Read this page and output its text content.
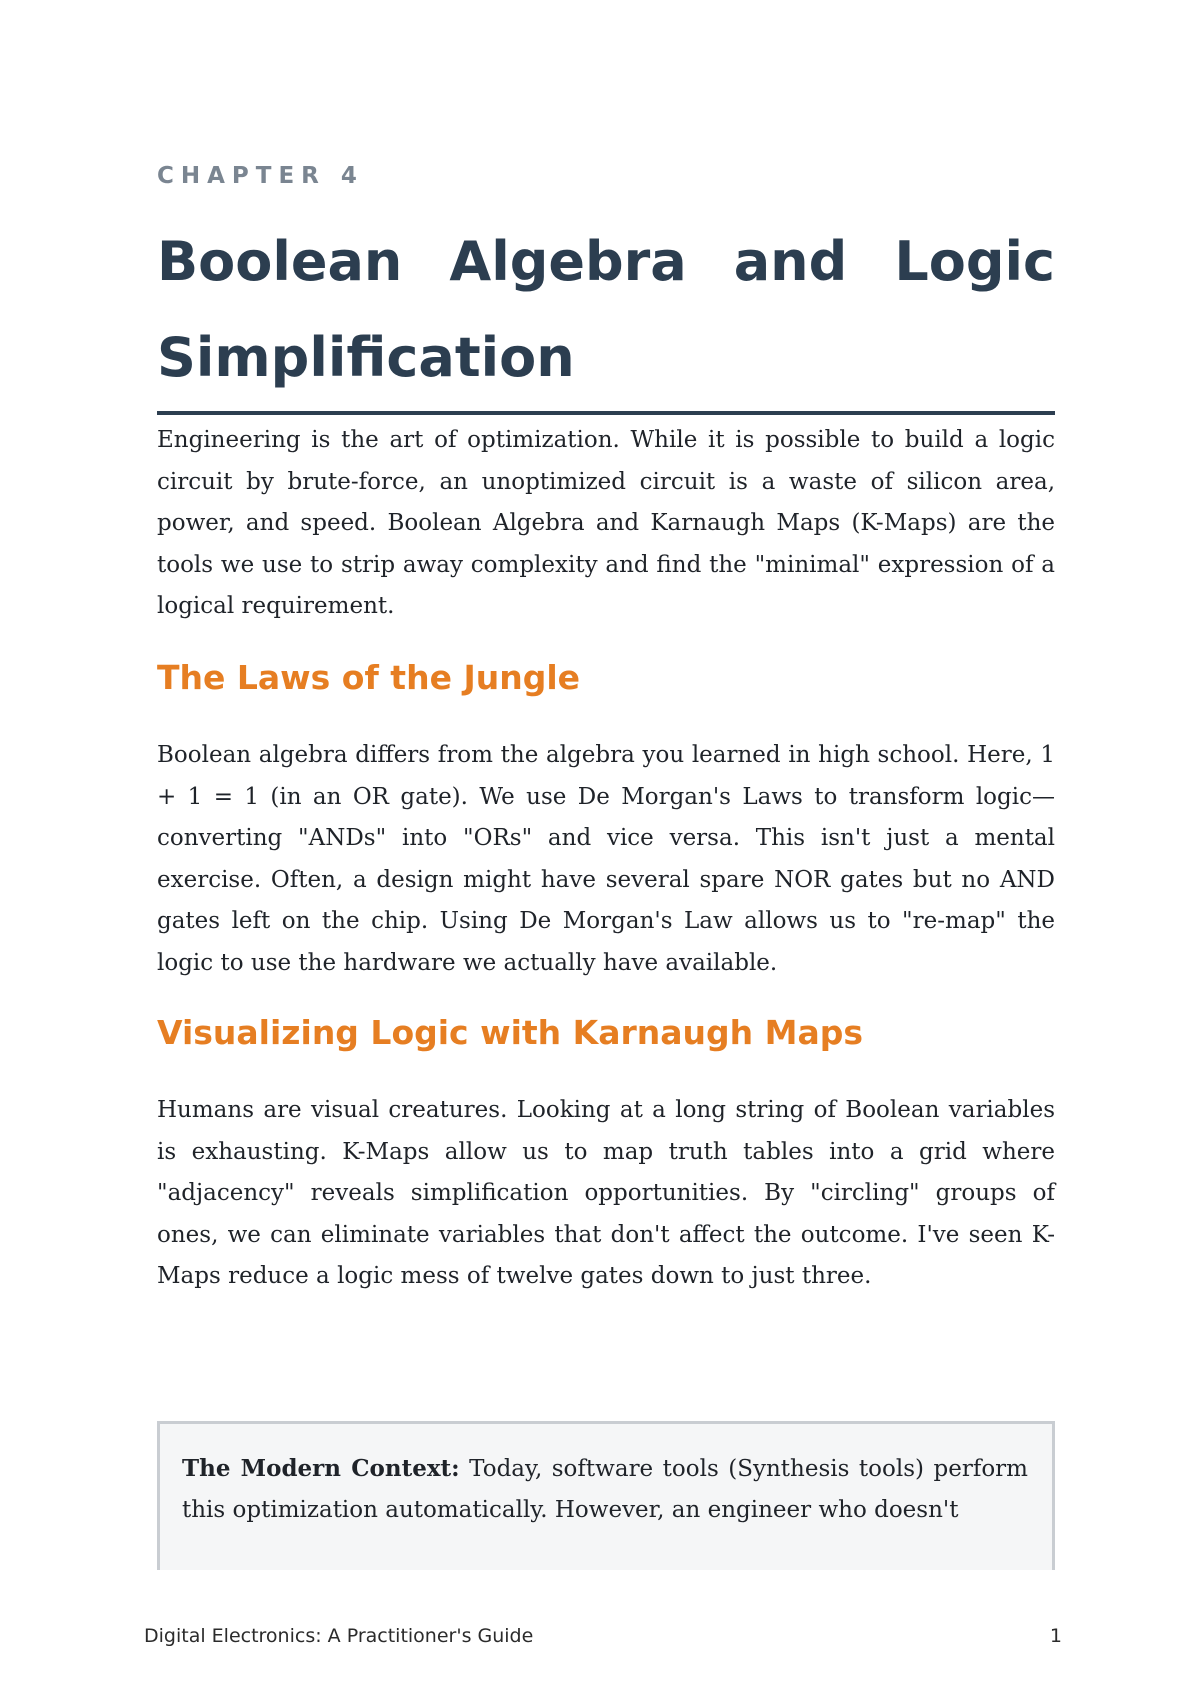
CHAPTER 4
Boolean Algebra and Logic
Simplification

Engineering is the art of optimization. While it is possible to build a logic circuit by brute-force, an unoptimized circuit is a waste of silicon area, power, and speed. Boolean Algebra and Karnaugh Maps (K-Maps) are the tools we use to strip away complexity and find the "minimal" expression of a logical requirement.

The Laws of the Jungle

Boolean algebra differs from the algebra you learned in high school. Here, 1 + 1 = 1 (in an OR gate). We use De Morgan's Laws to transform logic—converting "ANDs" into "ORs" and vice versa. This isn't just a mental exercise. Often, a design might have several spare NOR gates but no AND gates left on the chip. Using De Morgan's Law allows us to "re-map" the logic to use the hardware we actually have available.

Visualizing Logic with Karnaugh Maps

Humans are visual creatures. Looking at a long string of Boolean variables is exhausting. K-Maps allow us to map truth tables into a grid where "adjacency" reveals simplification opportunities. By "circling" groups of ones, we can eliminate variables that don't affect the outcome. I've seen K-Maps reduce a logic mess of twelve gates down to just three.

The Modern Context: Today, software tools (Synthesis tools) perform this optimization automatically. However, an engineer who doesn't

Digital Electronics: A Practitioner's Guide	1
